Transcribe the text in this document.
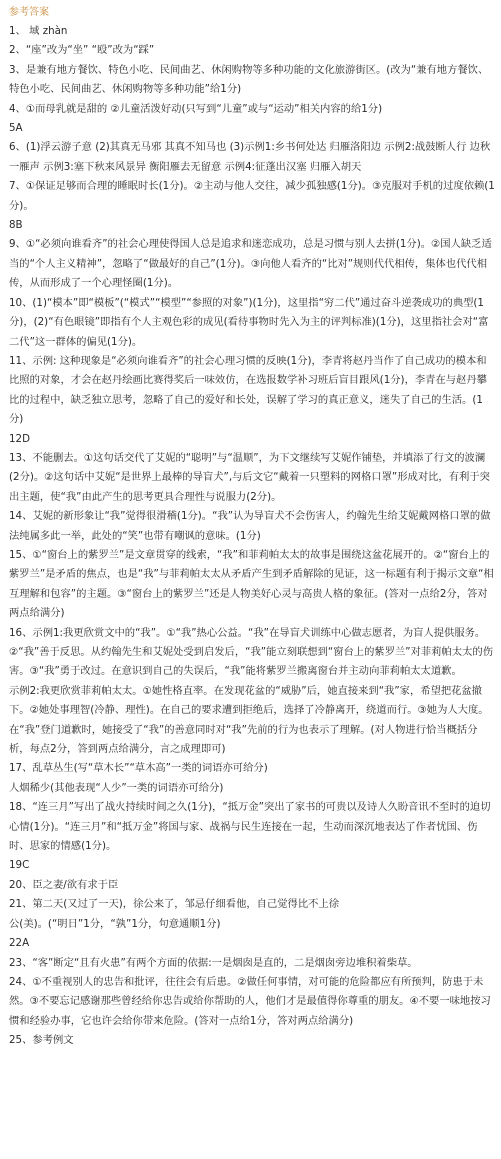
参考答案

1、 域 zhàn

2、“座”改为“坐” “殴”改为“踩”

3、是兼有地方餐饮、特色小吃、民间曲艺、休闲购物等多种功能的文化旅游街区。(改为“兼有地方餐饮、特色小吃、民间曲艺、休闲购物等多种功能”给1分)

4、①而母乳就是甜的 ②儿童活泼好动(只写到“儿童”或与“运动”相关内容的给1分)

5A

6、(1)浮云游子意 (2)其真无马邪 其真不知马也 (3)示例1:乡书何处达 归雁洛阳边 示例2:战鼓断人行 边秋一雁声 示例3:塞下秋来风景异 衡阳雁去无留意 示例4:征蓬出汉塞 归雁入胡天

7、①保证足够而合理的睡眠时长(1分)。②主动与他人交往，减少孤独感(1分)。③克服对手机的过度依赖(1分)。

8B

9、①“必须向谁看齐”的社会心理使得国人总是追求和迷恋成功，总是习惯与别人去拼(1分)。②国人缺乏适当的“个人主义精神”，忽略了“做最好的自己”(1分)。③向他人看齐的“比对”规则代代相传，集体也代代相传，从而形成了一个心理怪圈(1分)。

10、(1)“模本”即“模板”(“模式”“模型”“参照的对象”)(1分)，这里指“穷二代”通过奋斗逆袭成功的典型(1分)，(2)“有色眼镜”即指有个人主观色彩的成见(看待事物时先入为主的评判标准)(1分)，这里指社会对“富二代”这一群体的偏见(1分)。

11、示例: 这种现象是“必须向谁看齐”的社会心理习惯的反映(1分)，李青将赵丹当作了自己成功的模本和比照的对象，才会在赵丹绘画比赛得奖后一味效仿，在选报数学补习班后盲目跟风(1分)，李青在与赵丹攀比的过程中，缺乏独立思考，忽略了自己的爱好和长处，误解了学习的真正意义，迷失了自己的生活。(1分)

12D

13、不能删去。①这句话交代了艾妮的“聪明”与“温顺”，为下文继续写艾妮作铺垫，并填添了行文的波澜(2分)。②这句话中艾妮“是世界上最棒的导盲犬”,与后文它“戴着一只塑料的网格口罩”形成对比，有利于突出主题，使“我”由此产生的思考更具合理性与说服力(2分)。

14、艾妮的新形象让“我”觉得很滑稽(1分)。“我”认为导盲犬不会伤害人，约翰先生给艾妮戴网格口罩的做法纯属多此一举，此处的“笑”也带有嘲讽的意味。(1分)

15、①“窗台上的紫罗兰”是文章贯穿的线索，“我”和菲莉帕太太的故事是围绕这盆花展开的。②“窗台上的紫罗兰”是矛盾的焦点，也是“我”与菲莉帕太太从矛盾产生到矛盾解除的见证，这一标题有利于揭示文章“相互理解和包容”的主题。③“窗台上的紫罗兰”还是人物美好心灵与高贵人格的象征。(答对一点给2分，答对两点给满分)

16、示例1:我更欣赏文中的“我”。①“我”热心公益。“我”在导盲犬训练中心做志愿者，为盲人提供服务。②“我”善于反思。从约翰先生和艾妮处受到启发后，“我”能立刻联想到“窗台上的紫罗兰”对菲莉帕太太的伤害。③“我”勇于改过。在意识到自己的失误后，“我”能将紫罗兰搬离窗台并主动向菲莉帕太太道歉。

示例2:我更欣赏菲莉帕太太。①她性格直率。在发现花盆的“威胁”后，她直接来到“我”家，希望把花盆撤下。②她处事理智(冷静、理性)。在自己的要求遭到拒绝后，选择了冷静离开，绕道而行。③她为人大度。在“我”登门道歉时，她接受了“我”的善意同时对“我”先前的行为也表示了理解。(对人物进行恰当概括分析，每点2分，答到两点给满分，言之成理即可)

17、乱草丛生(写“草木长”“草木高”一类的词语亦可给分)

人烟稀少(其他表现“人少”一类的词语亦可给分)

18、“连三月”写出了战火持续时间之久(1分)，“抵万金”突出了家书的可贵以及诗人久盼音讯不至时的迫切心情(1分)。“连三月”和“抵万金”将国与家、战祸与民生连接在一起，生动而深沉地表达了作者忧国、伤时、思家的情感(1分)。

19C

20、臣之妻/欲有求于臣

21、第二天(又过了一天)，徐公来了，邹忌仔细看他，自己觉得比不上徐

公(美)。(“明日”1分，“孰”1分，句意通顺1分)

22A

23、“客”断定“且有火患”有两个方面的依据:一是烟囱是直的，二是烟囱旁边堆积着柴草。

24、①不重视别人的忠告和批评，往往会有后患。②做任何事情，对可能的危险都应有所预判，防患于未然。③不要忘记感谢那些曾经给你忠告或给你帮助的人，他们才是最值得你尊重的朋友。④不要一味地按习惯和经验办事，它也许会给你带来危险。(答对一点给1分，答对两点给满分)

25、参考例文
